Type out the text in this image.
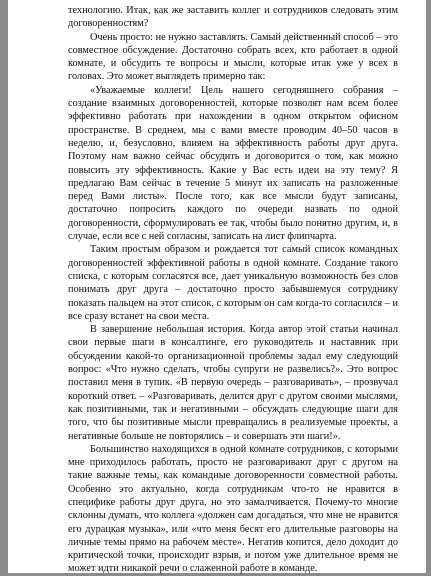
технологию. Итак, как же заставить коллег и сотрудников следовать этим договоренностям?

Очень просто: не нужно заставлять. Самый действенный способ – это совместное обсуждение. Достаточно собрать всех, кто работает в одной комнате, и обсудить те вопросы и мысли, которые итак уже у всех в головах. Это может выглядеть примерно так:

«Уважаемые коллеги! Цель нашего сегодняшнего собрания – создание взаимных договоренностей, которые позволят нам всем более эффективно работать при нахождении в одном открытом офисном пространстве. В среднем, мы с вами вместе проводим 40–50 часов в неделю, и, безусловно, влияем на эффективность работы друг друга. Поэтому нам важно сейчас обсудить и договорится о том, как можно повысить эту эффективность. Какие у Вас есть идеи на эту тему? Я предлагаю Вам сейчас в течение 5 минут их записать на разложенные перед Вами листы». После того, как все мысли будут записаны, достаточно попросить каждого по очереди назвать по одной договоренности, сформулировать ее так, чтобы было понятно другим, и, в случае, если все с ней согласны, записать на лист флипчарта.

Таким простым образом и рождается тот самый список командных договоренностей эффективной работы в одной комнате. Создание такого списка, с которым согласятся все, дает уникальную возможность без слов понимать друг друга – достаточно просто забывшемуся сотруднику показать пальцем на этот список, с которым он сам когда-то согласился – и все сразу встанет на свои места.

В завершение небольшая история. Когда автор этой статьи начинал свои первые шаги в консалтинге, его руководитель и наставник при обсуждении какой-то организационной проблемы задал ему следующий вопрос: «Что нужно сделать, чтобы супруги не развелись?». Это вопрос поставил меня в тупик. «В первую очередь – разговаривать», – прозвучал короткий ответ. – «Разговаривать, делится друг с другом своими мыслями, как позитивными, так и негативными – обсуждать следующие шаги для того, что бы позитивные мысли превращались в реализуемые проекты, а негативные больше не повторялись – и совершать эти шаги!».

Большинство находящихся в одной комнате сотрудников, с которыми мне приходилось работать, просто не разговаривают друг с другом на такие важные темы, как командные договоренности совместной работы. Особенно это актуально, когда сотрудникам что-то не нравится в специфике работы друг друга, но это замалчивается. Почему-то многие склонны думать, что коллега «должен сам догадаться, что мне не нравится его дурацкая музыка», или «что меня бесят его длительные разговоры на личные темы прямо на рабочем месте». Негатив копится, дело доходит до критической точки, происходит взрыв, и потом уже длительное время не может идти никакой речи о слаженной работе в команде.
